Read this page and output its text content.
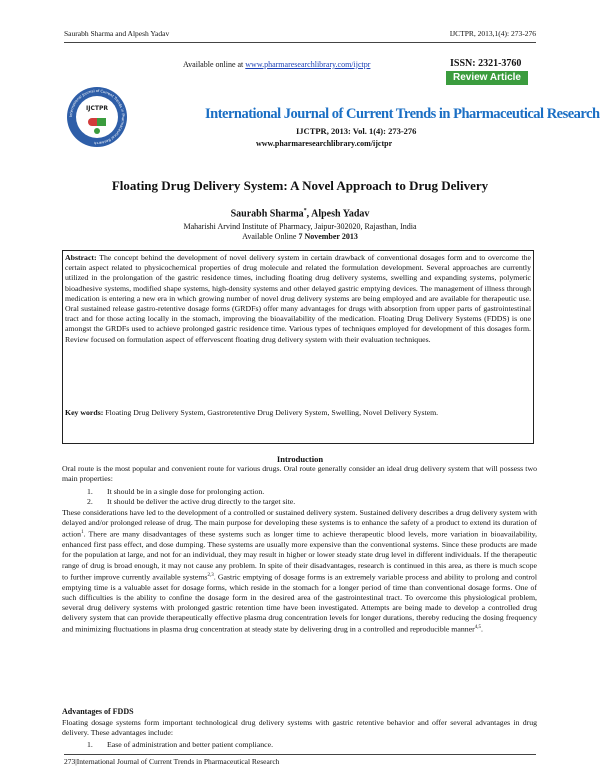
Saurabh Sharma and Alpesh Yadav	IJCTPR, 2013,1(4): 273-276
Available online at www.pharmaresearchlibrary.com/ijctpr	ISSN: 2321-3760
Review Article
International Journal of Current Trends in Pharmaceutical Research
IJCTPR	International Journal of Current Trends in Pharmaceutical Research
IJCTPR, 2013: Vol. 1(4): 273-276
www.pharmaresearchlibrary.com/ijctpr
Floating Drug Delivery System: A Novel Approach to Drug Delivery
Saurabh Sharma*, Alpesh Yadav
Maharishi Arvind Institute of Pharmacy, Jaipur-302020, Rajasthan, India
Available Online 7 November 2013
Abstract: The concept behind the development of novel delivery system in certain drawback of conventional dosages form and to overcome the certain aspect related to physicochemical properties of drug molecule and related the formulation development. Several approaches are currently utilized in the prolongation of the gastric residence times, including floating drug delivery systems, swelling and expanding systems, polymeric bioadhesive systems, modified shape systems, high-density systems and other delayed gastric emptying devices. The management of illness through medication is entering a new era in which growing number of novel drug delivery systems are being employed and are available for therapeutic use. Oral sustained release gastro-retentive dosage forms (GRDFs) offer many advantages for drugs with absorption from upper parts of gastrointestinal tract and for those acting locally in the stomach, improving the bioavailability of the medication. Floating Drug Delivery Systems (FDDS) is one amongst the GRDFs used to achieve prolonged gastric residence time. Various types of techniques employed for development of this dosages form. Review focused on formulation aspect of effervescent floating drug delivery system with their evaluation techniques.
Key words: Floating Drug Delivery System, Gastroretentive Drug Delivery System, Swelling, Novel Delivery System.
Introduction
Oral route is the most popular and convenient route for various drugs. Oral route generally consider an ideal drug delivery system that will possess two main properties:
1. It should be in a single dose for prolonging action.
2. It should be deliver the active drug directly to the target site.
These considerations have led to the development of a controlled or sustained delivery system. Sustained delivery describes a drug delivery system with delayed and/or prolonged release of drug. The main purpose for developing these systems is to enhance the safety of a product to extend its duration of action$^1$. There are many disadvantages of these systems such as longer time to achieve therapeutic blood levels, more variation in bioavailability, enhanced first pass effect, and dose dumping. These systems are usually more expensive than the conventional systems. Since these products are made for the population at large, and not for an individual, they may result in higher or lower steady state drug level in different individuals. If the therapeutic range of drug is broad enough, it may not cause any problem. In spite of their disadvantages, research is continued in this area, as there is much scope to further improve currently available systems$^{2,3}$. Gastric emptying of dosage forms is an extremely variable process and ability to prolong and control emptying time is a valuable asset for dosage forms, which reside in the stomach for a longer period of time than conventional dosage forms. One of such difficulties is the ability to confine the dosage form in the desired area of the gastrointestinal tract. To overcome this physiological problem, several drug delivery systems with prolonged gastric retention time have been investigated. Attempts are being made to develop a controlled drug delivery system that can provide therapeutically effective plasma drug concentration levels for longer durations, thereby reducing the dosing frequency and minimizing fluctuations in plasma drug concentration at steady state by delivering drug in a controlled and reproducible manner$^{4,5}$.
Advantages of FDDS
Floating dosage systems form important technological drug delivery systems with gastric retentive behavior and offer several advantages in drug delivery. These advantages include:
1. Ease of administration and better patient compliance.
273|International Journal of Current Trends in Pharmaceutical Research
